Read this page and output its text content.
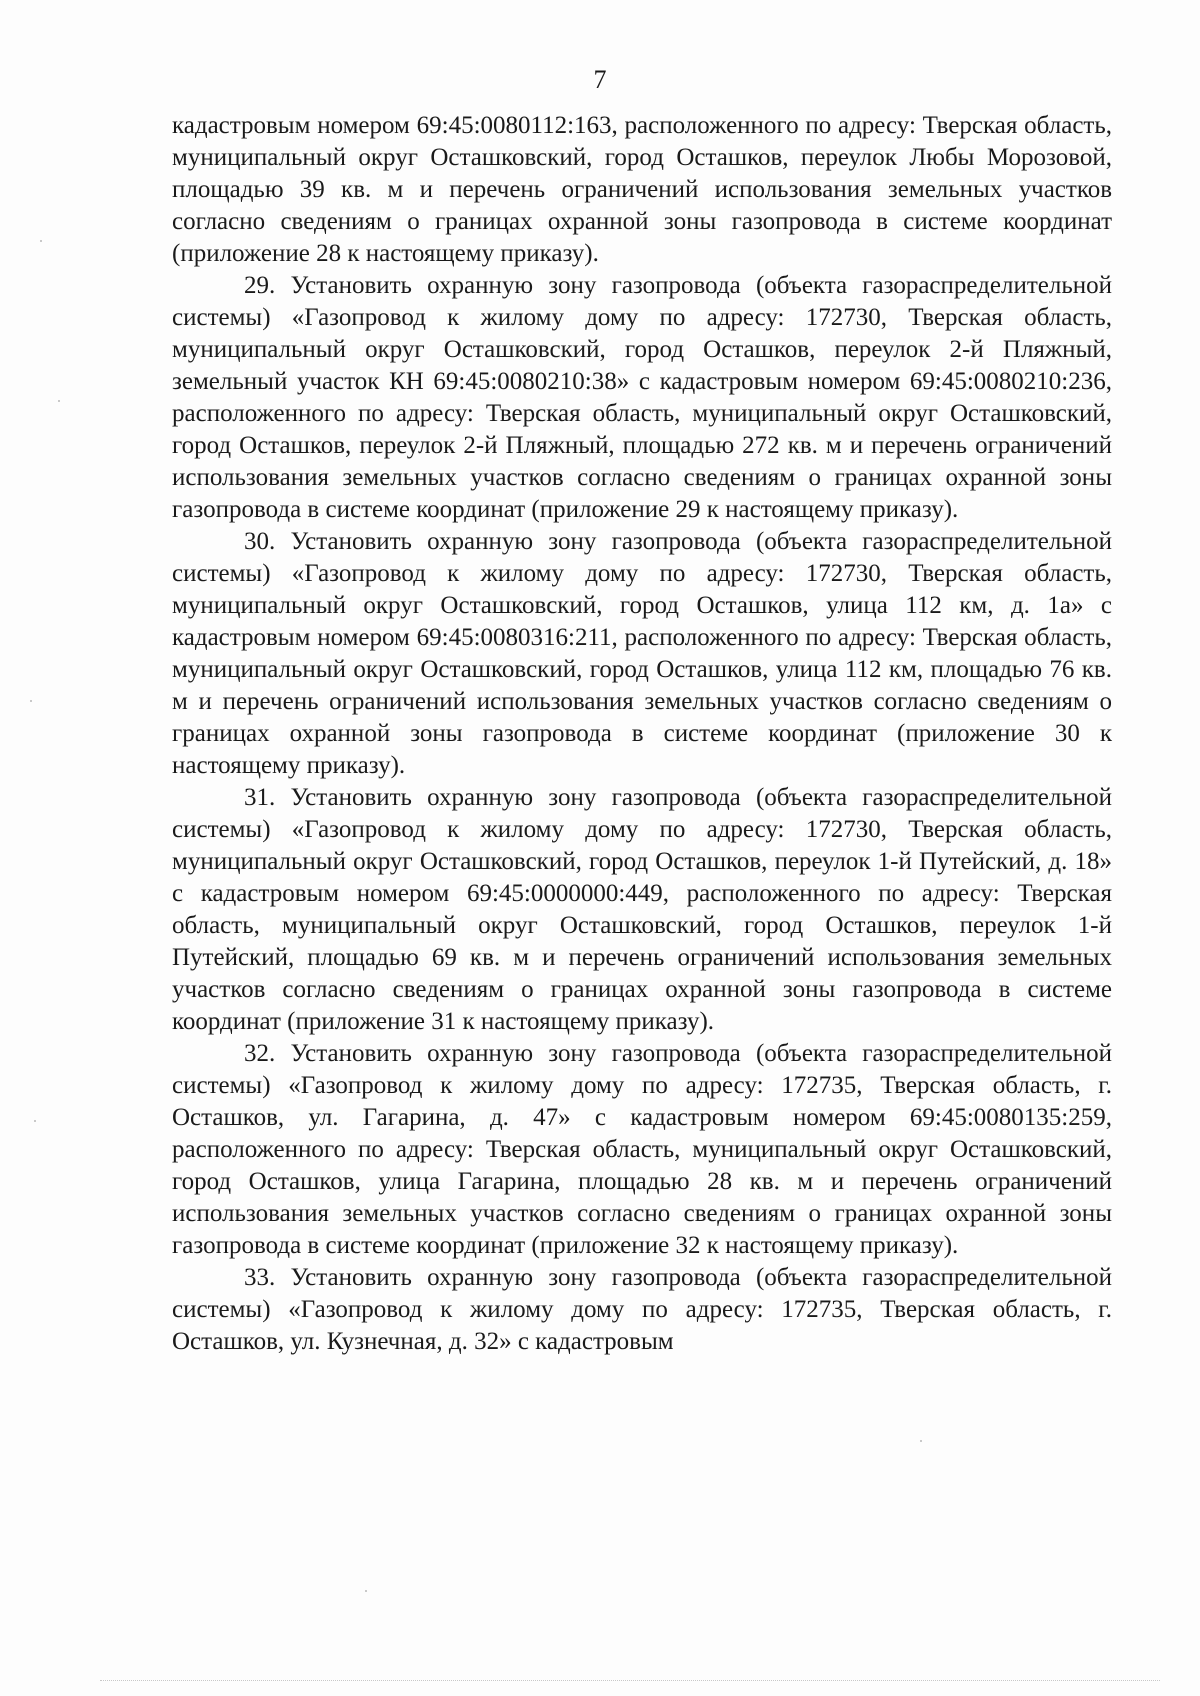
7

кадастровым номером 69:45:0080112:163, расположенного по адресу: Тверская область, муниципальный округ Осташковский, город Осташков, переулок Любы Морозовой, площадью 39 кв. м и перечень ограничений использования земельных участков согласно сведениям о границах охранной зоны газопровода в системе координат (приложение 28 к настоящему приказу).

29. Установить охранную зону газопровода (объекта газораспределительной системы) «Газопровод к жилому дому по адресу: 172730, Тверская область, муниципальный округ Осташковский, город Осташков, переулок 2-й Пляжный, земельный участок КН 69:45:0080210:38» с кадастровым номером 69:45:0080210:236, расположенного по адресу: Тверская область, муниципальный округ Осташковский, город Осташков, переулок 2-й Пляжный, площадью 272 кв. м и перечень ограничений использования земельных участков согласно сведениям о границах охранной зоны газопровода в системе координат (приложение 29 к настоящему приказу).

30. Установить охранную зону газопровода (объекта газораспределительной системы) «Газопровод к жилому дому по адресу: 172730, Тверская область, муниципальный округ Осташковский, город Осташков, улица 112 км, д. 1а» с кадастровым номером 69:45:0080316:211, расположенного по адресу: Тверская область, муниципальный округ Осташковский, город Осташков, улица 112 км, площадью 76 кв. м и перечень ограничений использования земельных участков согласно сведениям о границах охранной зоны газопровода в системе координат (приложение 30 к настоящему приказу).

31. Установить охранную зону газопровода (объекта газораспределительной системы) «Газопровод к жилому дому по адресу: 172730, Тверская область, муниципальный округ Осташковский, город Осташков, переулок 1-й Путейский, д. 18» с кадастровым номером 69:45:0000000:449, расположенного по адресу: Тверская область, муниципальный округ Осташковский, город Осташков, переулок 1-й Путейский, площадью 69 кв. м и перечень ограничений использования земельных участков согласно сведениям о границах охранной зоны газопровода в системе координат (приложение 31 к настоящему приказу).

32. Установить охранную зону газопровода (объекта газораспределительной системы) «Газопровод к жилому дому по адресу: 172735, Тверская область, г. Осташков, ул. Гагарина, д. 47» с кадастровым номером 69:45:0080135:259, расположенного по адресу: Тверская область, муниципальный округ Осташковский, город Осташков, улица Гагарина, площадью 28 кв. м и перечень ограничений использования земельных участков согласно сведениям о границах охранной зоны газопровода в системе координат (приложение 32 к настоящему приказу).

33. Установить охранную зону газопровода (объекта газораспределительной системы) «Газопровод к жилому дому по адресу: 172735, Тверская область, г. Осташков, ул. Кузнечная, д. 32» с кадастровым
